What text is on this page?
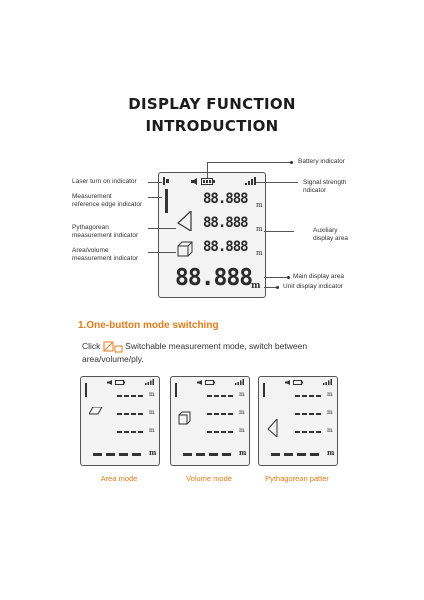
DISPLAY FUNCTION
INTRODUCTION
88.888 m
88.888 m
88.888 m
88.888
m
Battery indicator
Signal strength
ndicator
Laser turn on indicator
Measurement
reference edge indicator
Auxiliary
display area
Pythagorean
measurement indicator
Area/volume
measurement indicator
Main display area
Unit display indicator
1.One-button mode switching
Click	Switchable measurement mode, switch between area/volume/ply.
m
m
m
m
Area mode
m
m
m
m
Volume mode
m
m
m
m
Pythagorean patter
